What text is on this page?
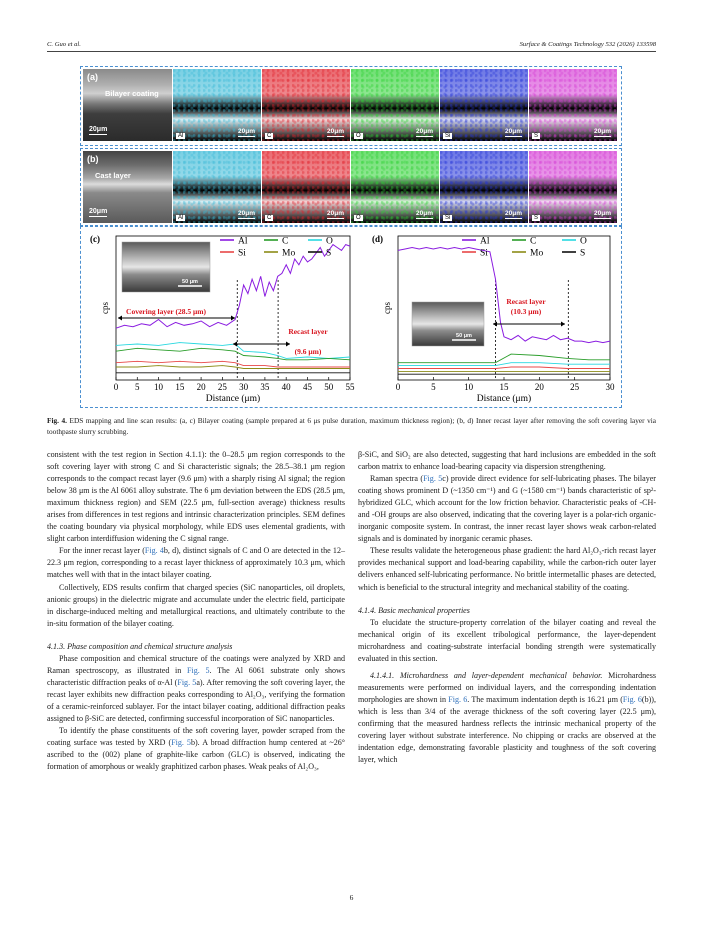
C. Guo et al.	Surface & Coatings Technology 532 (2026) 133598
(a)
Bilayer coating
20μm
(b)
Cast layer
20μm
0 5 10 15 20 25 30 35 40 45 50 55
Distance (μm)
cps
(c)
50 μm
Al	C	O
Si	Mo	S
Covering layer (28.5 μm)
Recast layer
(9.6 μm)
0	5	10	15	20	25	30
Distance (μm)
cps
(d)
50 μm
Al	C	O
Si	Mo	S
Recast layer
(10.3 μm)
Al
20μm
C
20μm
O
20μm
Si
20μm
S
20μm
Al
20μm
C
20μm
O
20μm
Si
20μm
S
20μm
Fig. 4. EDS mapping and line scan results: (a, c) Bilayer coating (sample prepared at 6 μs pulse duration, maximum thickness region); (b, d) Inner recast layer after removing the soft covering layer via toothpaste slurry scrubbing.

consistent with the test region in Section 4.1.1): the 0–28.5 μm region corresponds to the soft covering layer with strong C and Si characteristic signals; the 28.5–38.1 μm region corresponds to the compact recast layer (9.6 μm) with a sharply rising Al signal; the region below 38 μm is the Al 6061 alloy substrate. The 6 μm deviation between the EDS (28.5 μm, maximum thickness region) and SEM (22.5 μm, full-section average) thickness results arises from differences in test regions and intrinsic characterization principles. SEM defines the coating boundary via physical morphology, while EDS uses elemental gradients, with slight carbon interdiffusion widening the C signal range.

For the inner recast layer (Fig. 4b, d), distinct signals of C and O are detected in the 12–22.3 μm region, corresponding to a recast layer thickness of approximately 10.3 μm, which matches well with that in the intact bilayer coating.

Collectively, EDS results confirm that charged species (SiC nanoparticles, oil droplets, anionic groups) in the dielectric migrate and accumulate under the electric field, participate in discharge-induced melting and metallurgical reactions, and ultimately contribute to the in-situ formation of the bilayer coating.

4.1.3. Phase composition and chemical structure analysis

Phase composition and chemical structure of the coatings were analyzed by XRD and Raman spectroscopy, as illustrated in Fig. 5. The Al 6061 substrate only shows characteristic diffraction peaks of α-Al (Fig. 5a). After removing the soft covering layer, the recast layer exhibits new diffraction peaks corresponding to Al₂O₃, verifying the formation of a ceramic-reinforced sublayer. For the intact bilayer coating, additional diffraction peaks assigned to β-SiC are detected, confirming successful incorporation of SiC nanoparticles.

To identify the phase constituents of the soft covering layer, powder scraped from the coating surface was tested by XRD (Fig. 5b). A broad diffraction hump centered at ~26° ascribed to the (002) plane of graphite-like carbon (GLC) is observed, indicating the formation of amorphous or weakly graphitized carbon phases. Weak peaks of Al₂O₃,

β-SiC, and SiO₂ are also detected, suggesting that hard inclusions are embedded in the soft carbon matrix to enhance load-bearing capacity via dispersion strengthening.

Raman spectra (Fig. 5c) provide direct evidence for self-lubricating phases. The bilayer coating shows prominent D (~1350 cm⁻¹) and G (~1580 cm⁻¹) bands characteristic of sp²-hybridized GLC, which account for the low friction behavior. Characteristic peaks of -CH- and -OH groups are also observed, indicating that the covering layer is a polar-rich organic-inorganic composite system. In contrast, the inner recast layer shows weak carbon-related signals and is dominated by inorganic ceramic phases.

These results validate the heterogeneous phase gradient: the hard Al₂O₃-rich recast layer provides mechanical support and load-bearing capability, while the carbon-rich outer layer delivers enhanced self-lubricating performance. No brittle intermetallic phases are detected, which is beneficial to the structural integrity and mechanical stability of the coating.

4.1.4. Basic mechanical properties

To elucidate the structure-property correlation of the bilayer coating and reveal the mechanical origin of its excellent tribological performance, the layer-dependent microhardness and coating-substrate interfacial bonding strength were systematically evaluated in this section.

4.1.4.1. Microhardness and layer-dependent mechanical behavior. Microhardness measurements were performed on individual layers, and the corresponding indentation morphologies are shown in Fig. 6. The maximum indentation depth is 16.21 μm (Fig. 6(b)), which is less than 3/4 of the average thickness of the soft covering layer (22.5 μm), confirming that the measured hardness reflects the intrinsic mechanical property of the covering layer without substrate interference. No chipping or cracks are observed at the indentation edge, demonstrating favorable plasticity and toughness of the soft covering layer, which

6
